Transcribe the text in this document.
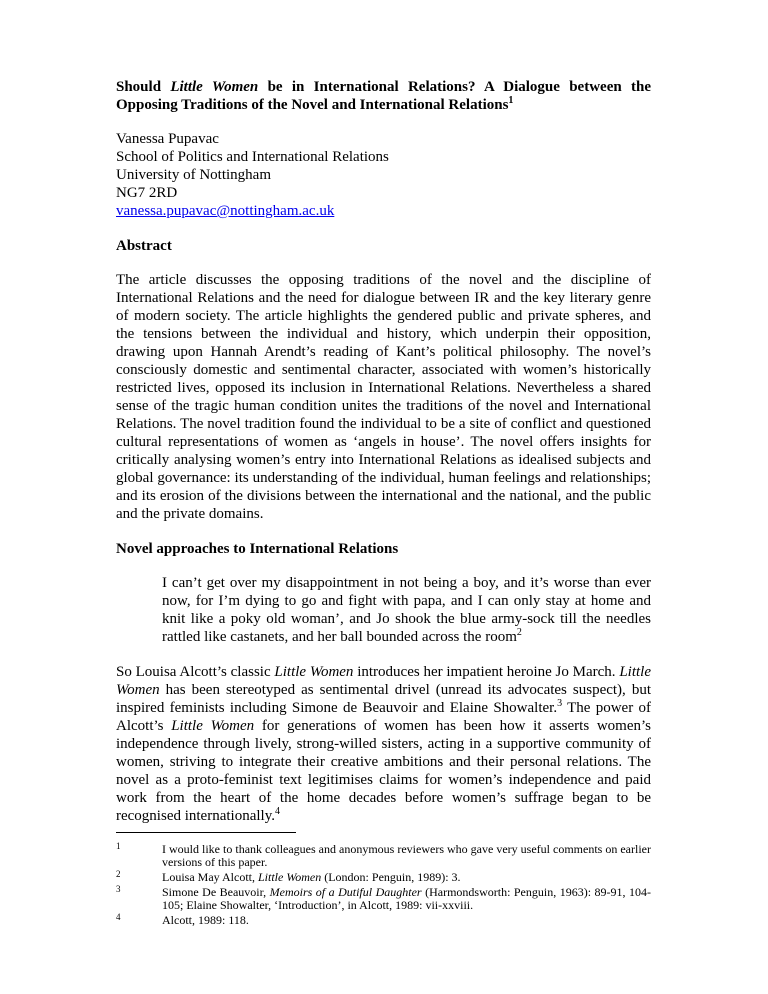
Should Little Women be in International Relations? A Dialogue between the Opposing Traditions of the Novel and International Relations$^1$
Vanessa Pupavac
School of Politics and International Relations
University of Nottingham
NG7 2RD
vanessa.pupavac@nottingham.ac.uk
Abstract

The article discusses the opposing traditions of the novel and the discipline of International Relations and the need for dialogue between IR and the key literary genre of modern society. The article highlights the gendered public and private spheres, and the tensions between the individual and history, which underpin their opposition, drawing upon Hannah Arendt’s reading of Kant’s political philosophy. The novel’s consciously domestic and sentimental character, associated with women’s historically restricted lives, opposed its inclusion in International Relations. Nevertheless a shared sense of the tragic human condition unites the traditions of the novel and International Relations. The novel tradition found the individual to be a site of conflict and questioned cultural representations of women as ‘angels in house’. The novel offers insights for critically analysing women’s entry into International Relations as idealised subjects and global governance: its understanding of the individual, human feelings and relationships; and its erosion of the divisions between the international and the national, and the public and the private domains.

Novel approaches to International Relations
I can’t get over my disappointment in not being a boy, and it’s worse than ever now, for I’m dying to go and fight with papa, and I can only stay at home and knit like a poky old woman’, and Jo shook the blue army-sock till the needles rattled like castanets, and her ball bounded across the room$^2$

So Louisa Alcott’s classic Little Women introduces her impatient heroine Jo March. Little Women has been stereotyped as sentimental drivel (unread its advocates suspect), but inspired feminists including Simone de Beauvoir and Elaine Showalter.$^3$ The power of Alcott’s Little Women for generations of women has been how it asserts women’s independence through lively, strong-willed sisters, acting in a supportive community of women, striving to integrate their creative ambitions and their personal relations. The novel as a proto-feminist text legitimises claims for women’s independence and paid work from the heart of the home decades before women’s suffrage began to be recognised internationally.$^4$

1	I would like to thank colleagues and anonymous reviewers who gave very useful comments on earlier versions of this paper.
2	Louisa May Alcott, Little Women (London: Penguin, 1989): 3.
3	Simone De Beauvoir, Memoirs of a Dutiful Daughter (Harmondsworth: Penguin, 1963): 89-91, 104-105; Elaine Showalter, ‘Introduction’, in Alcott, 1989: vii-xxviii.
4	Alcott, 1989: 118.
